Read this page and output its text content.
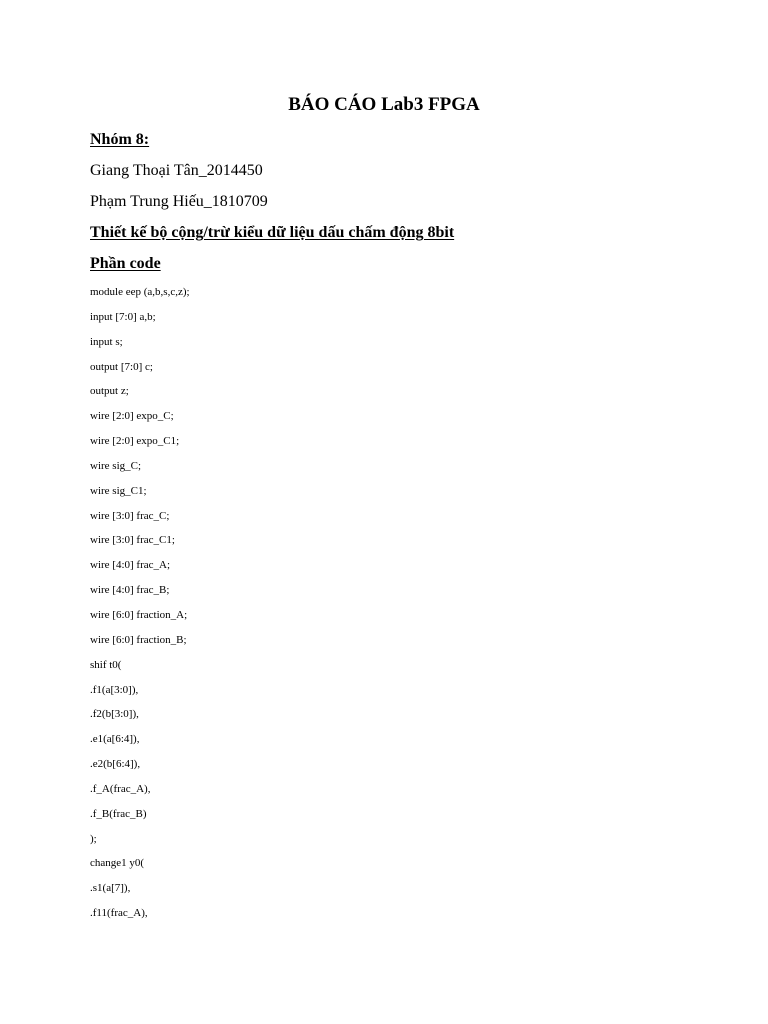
BÁO CÁO Lab3 FPGA
Nhóm 8:
Giang Thoại Tân_2014450
Phạm Trung Hiếu_1810709
Thiết kế bộ cộng/trừ kiểu dữ liệu dấu chấm động 8bit
Phần code
module eep (a,b,s,c,z);
input [7:0] a,b;
input s;
output [7:0] c;
output z;
wire [2:0] expo_C;
wire [2:0] expo_C1;
wire sig_C;
wire sig_C1;
wire [3:0] frac_C;
wire [3:0] frac_C1;
wire [4:0] frac_A;
wire [4:0] frac_B;
wire [6:0] fraction_A;
wire [6:0] fraction_B;
shif t0(
.f1(a[3:0]),
.f2(b[3:0]),
.e1(a[6:4]),
.e2(b[6:4]),
.f_A(frac_A),
.f_B(frac_B)
);
change1 y0(
.s1(a[7]),
.f11(frac_A),
